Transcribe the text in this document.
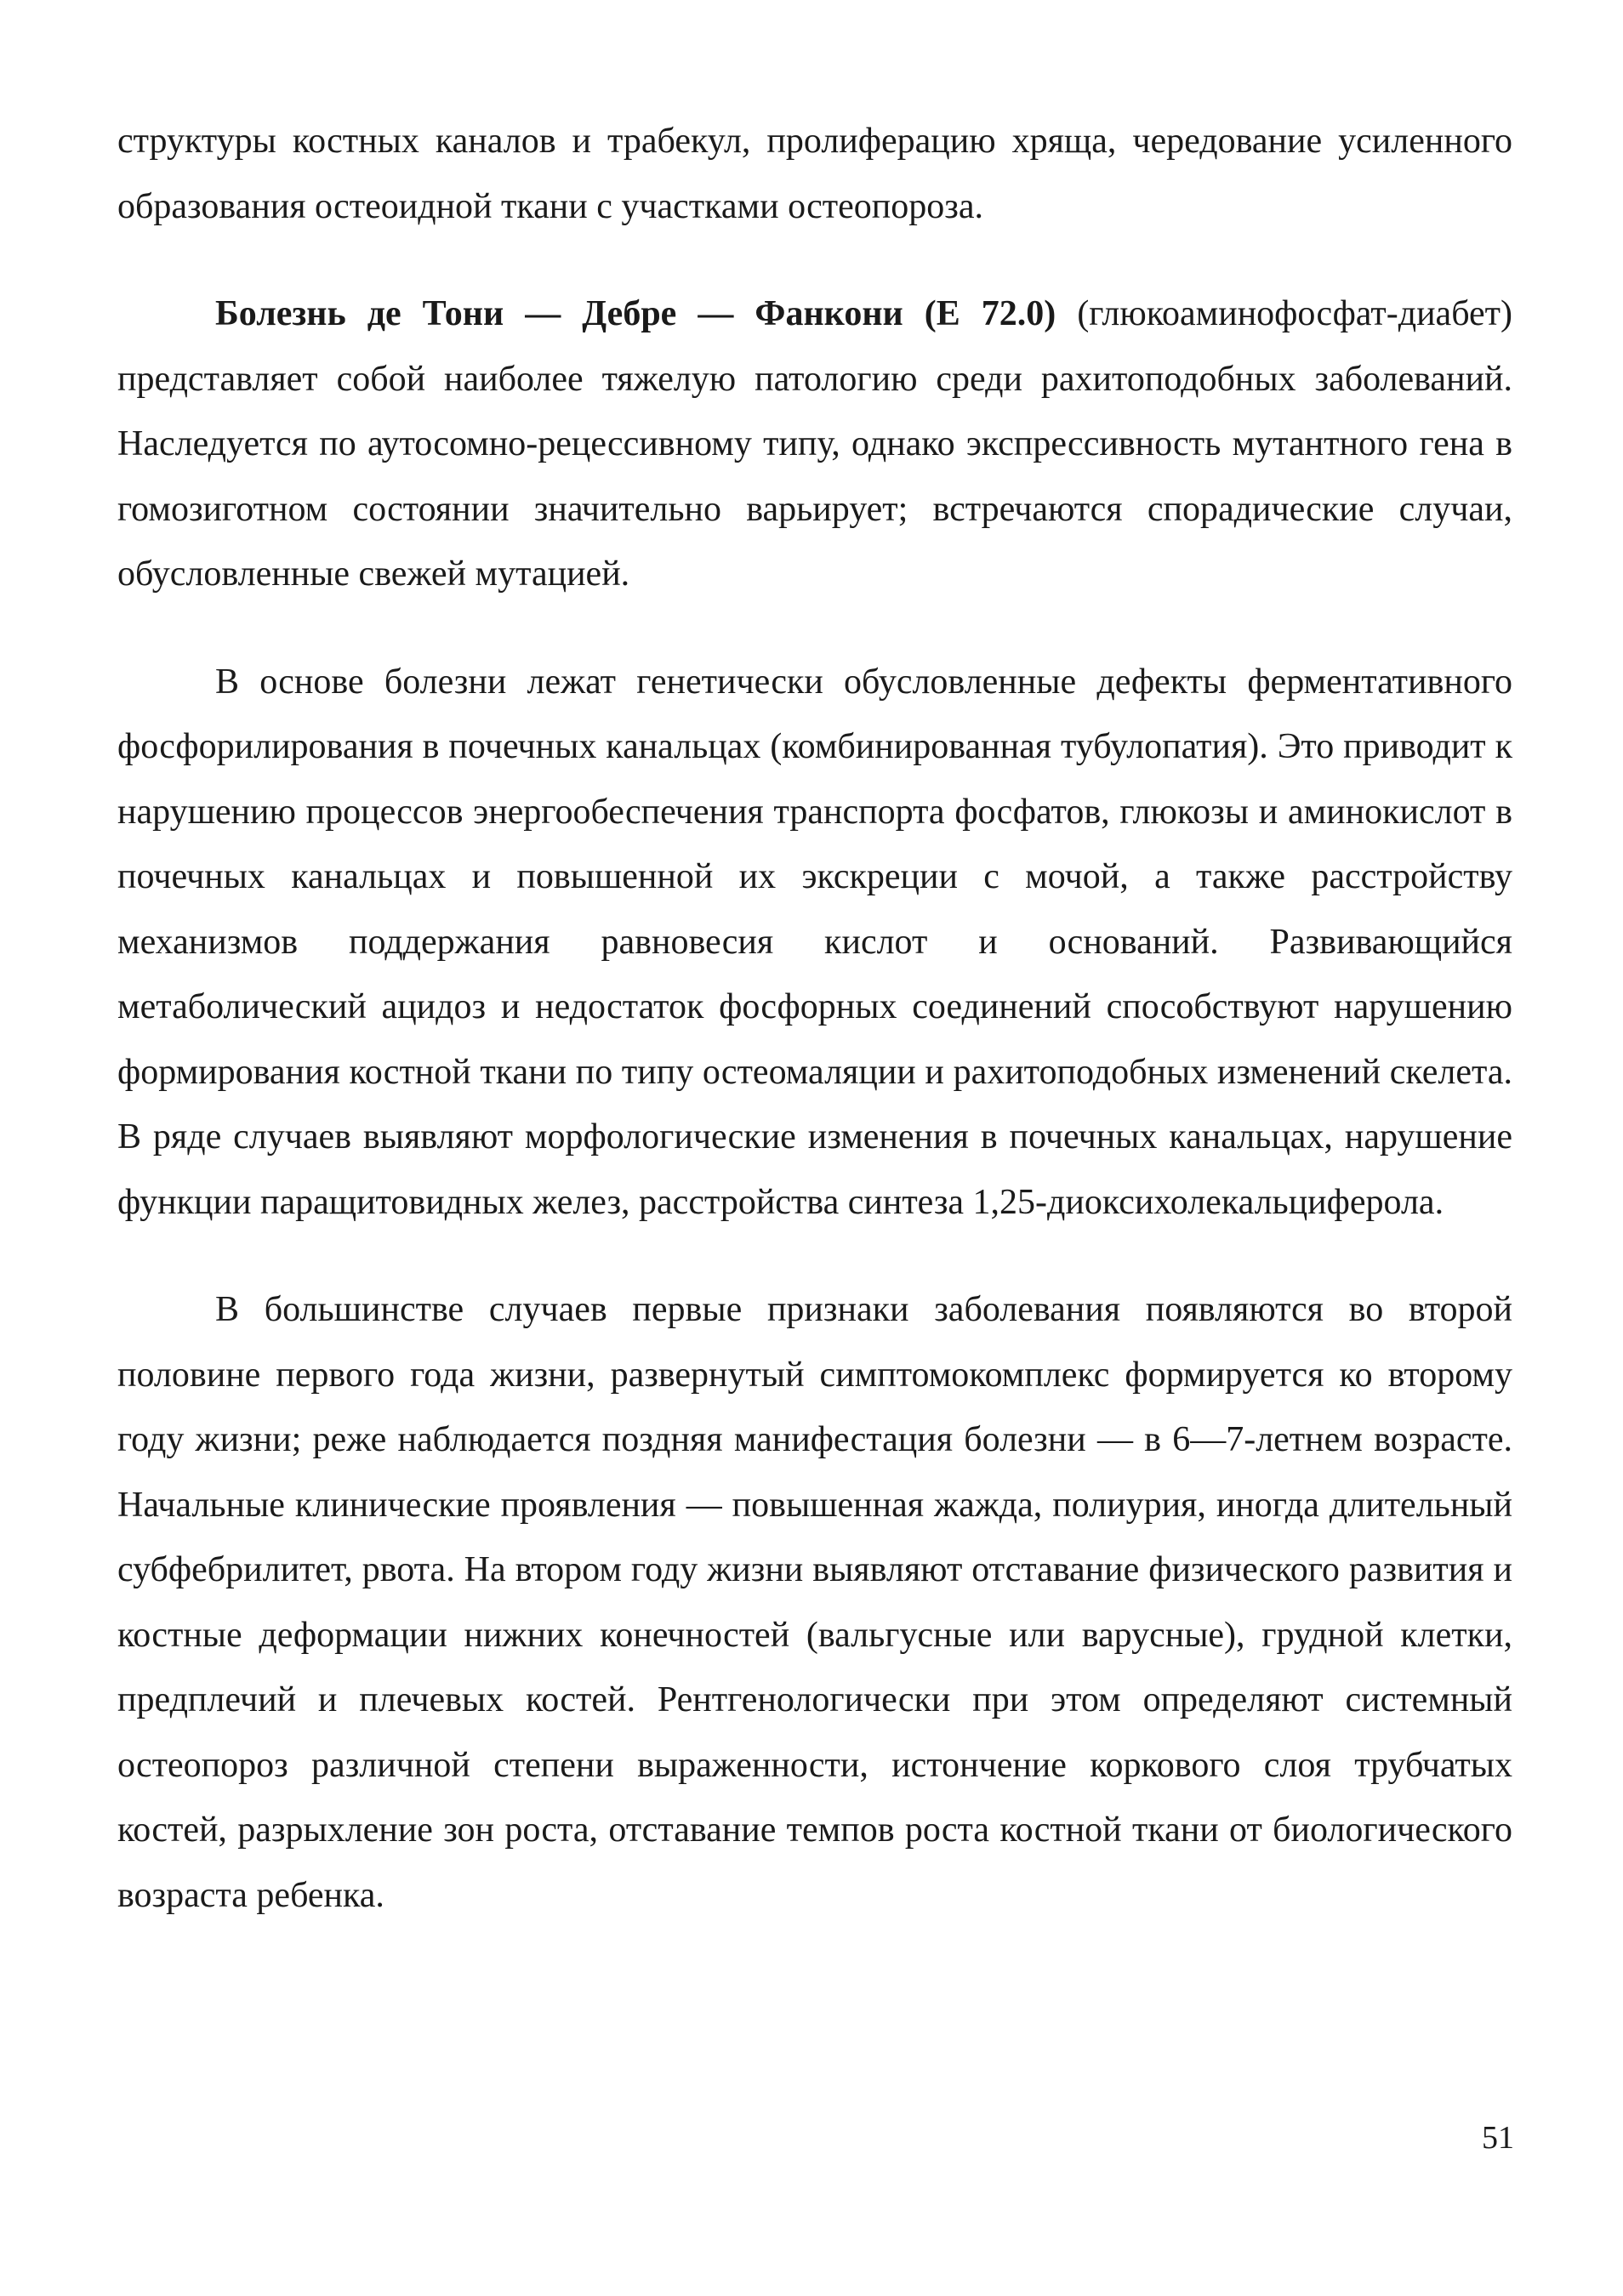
структуры костных каналов и трабекул, пролиферацию хряща, чередование усиленного образования остеоидной ткани с участками остеопороза.

Болезнь де Тони — Дебре — Фанкони (Е 72.0) (глюкоаминофосфат-диабет) представляет собой наиболее тяжелую патологию среди рахитоподобных заболеваний. Наследуется по аутосомно-рецессивному типу, однако экспрессивность мутантного гена в гомозиготном состоянии значительно варьирует; встречаются спорадические случаи, обусловленные свежей мутацией.

В основе болезни лежат генетически обусловленные дефекты ферментативного фосфорилирования в почечных канальцах (комбинированная тубулопатия). Это приводит к нарушению процессов энергообеспечения транспорта фосфатов, глюкозы и аминокислот в почечных канальцах и повышенной их экскреции с мочой, а также расстройству механизмов поддержания равновесия кислот и оснований. Развивающийся метаболический ацидоз и недостаток фосфорных соединений способствуют нарушению формирования костной ткани по типу остеомаляции и рахитоподобных изменений скелета. В ряде случаев выявляют морфологические изменения в почечных канальцах, нарушение функции паращитовидных желез, расстройства синтеза 1,25-диоксихолекальциферола.

В большинстве случаев первые признаки заболевания появляются во второй половине первого года жизни, развернутый симптомокомплекс формируется ко второму году жизни; реже наблюдается поздняя манифестация болезни — в 6—7-летнем возрасте. Начальные клинические проявления — повышенная жажда, полиурия, иногда длительный субфебрилитет, рвота. На втором году жизни выявляют отставание физического развития и костные деформации нижних конечностей (вальгусные или варусные), грудной клетки, предплечий и плечевых костей. Рентгенологически при этом определяют системный остеопороз различной степени выраженности, истончение коркового слоя трубчатых костей, разрыхление зон роста, отставание темпов роста костной ткани от биологического возраста ребенка.

51
